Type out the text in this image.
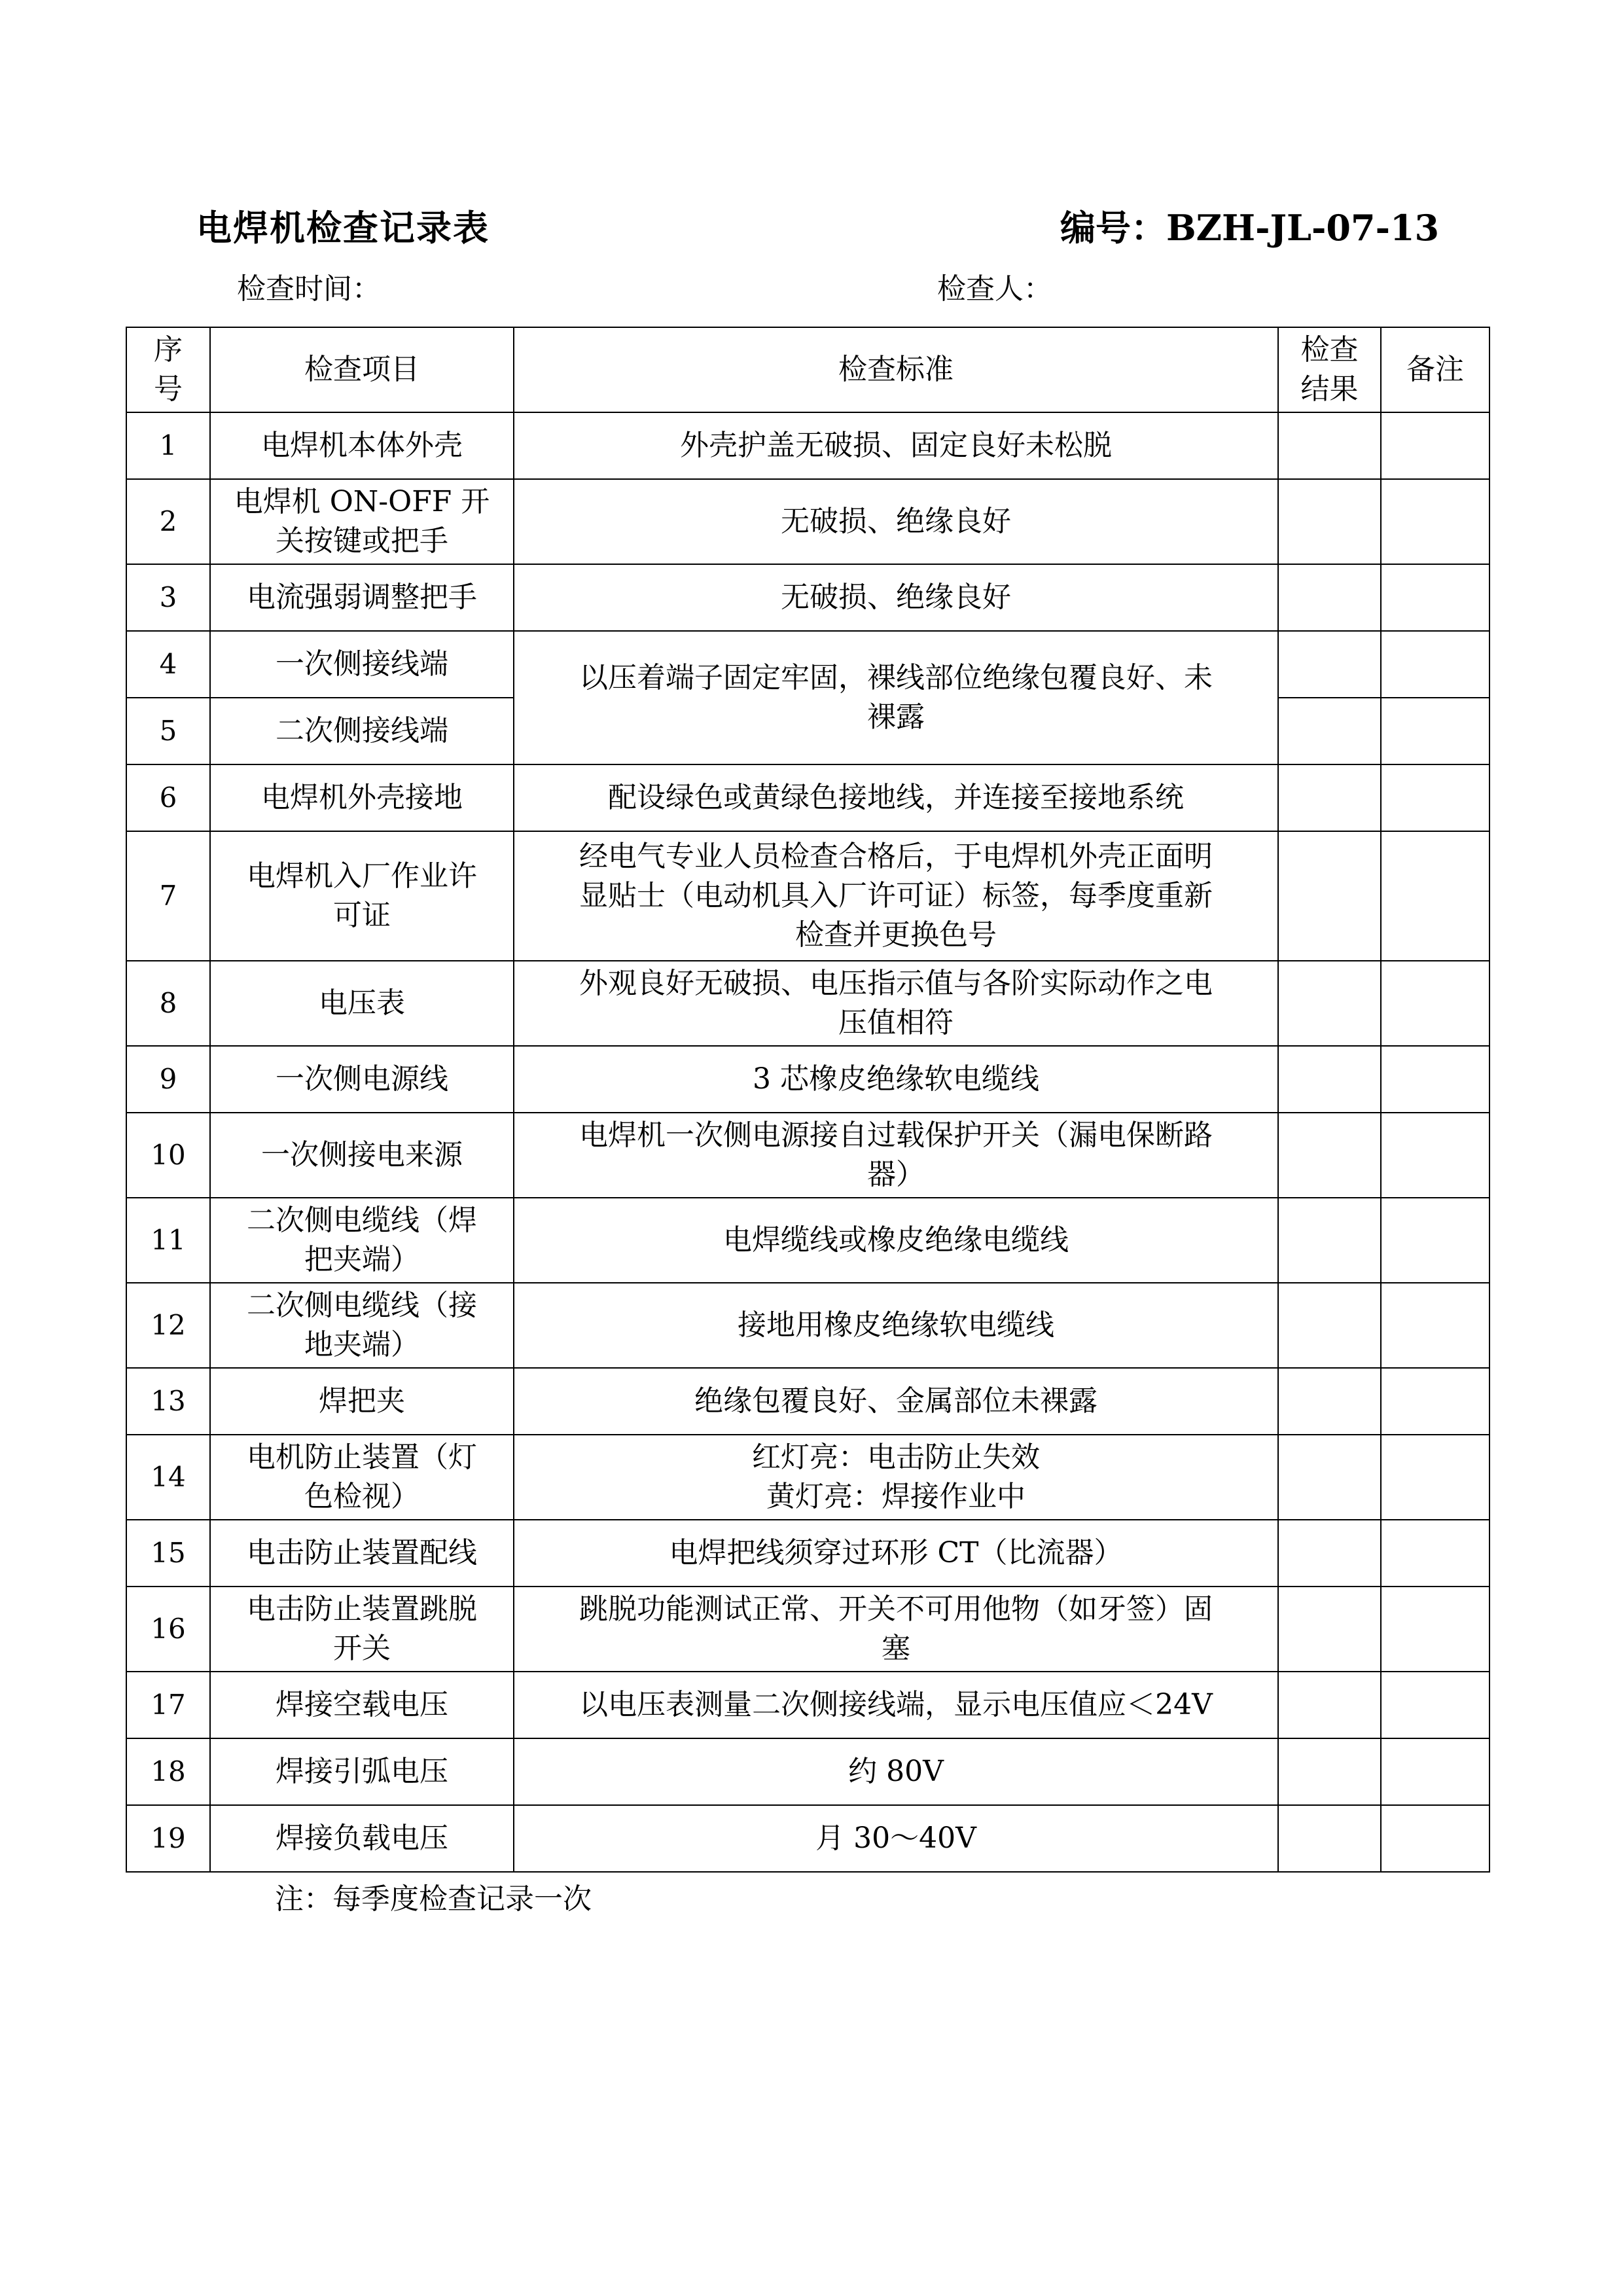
电焊机检查记录表	编号：BZH-JL-07-13
检查时间：	检查人：
序
号	检查项目	检查标准	检查
结果	备注
1	电焊机本体外壳	外壳护盖无破损、固定良好未松脱		

2	电焊机 ON-OFF 开
关按键或把手	无破损、绝缘良好		

3	电流强弱调整把手	无破损、绝缘良好		

4	一次侧接线端	以压着端子固定牢固，裸线部位绝缘包覆良好、未
裸露		

5	二次侧接线端			

6	电焊机外壳接地	配设绿色或黄绿色接地线，并连接至接地系统		

7	电焊机入厂作业许
可证	经电气专业人员检查合格后，于电焊机外壳正面明
显贴士（电动机具入厂许可证）标签，每季度重新
检查并更换色号		

8	电压表	外观良好无破损、电压指示值与各阶实际动作之电
压值相符		

9	一次侧电源线	3 芯橡皮绝缘软电缆线		

10	一次侧接电来源	电焊机一次侧电源接自过载保护开关（漏电保断路
器）		

11	二次侧电缆线（焊
把夹端）	电焊缆线或橡皮绝缘电缆线		

12	二次侧电缆线（接
地夹端）	接地用橡皮绝缘软电缆线		

13	焊把夹	绝缘包覆良好、金属部位未裸露		

14	电机防止装置（灯
色检视）	红灯亮：电击防止失效
黄灯亮：焊接作业中		

15	电击防止装置配线	电焊把线须穿过环形 CT（比流器）		

16	电击防止装置跳脱
开关	跳脱功能测试正常、开关不可用他物（如牙签）固
塞		

17	焊接空载电压	以电压表测量二次侧接线端，显示电压值应＜24V		

18	焊接引弧电压	约 80V		

19	焊接负载电压	月 30～40V		

注：每季度检查记录一次
